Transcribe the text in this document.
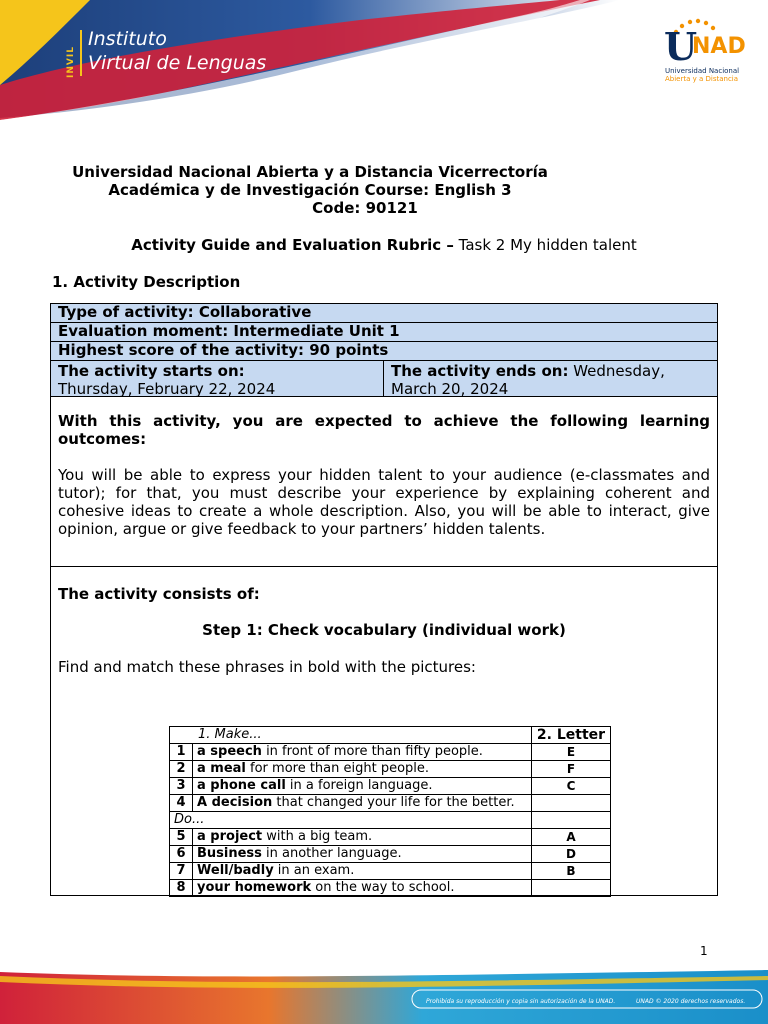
INVIL
Instituto
Virtual de Lenguas	U
NAD
Universidad Nacional
Abierta y a Distancia
Universidad Nacional Abierta y a Distancia Vicerrectoría
Académica y de Investigación Course: English 3
Code: 90121
Activity Guide and Evaluation Rubric – Task 2 My hidden talent
1. Activity Description
Type of activity: Collaborative
Evaluation moment: Intermediate Unit 1
Highest score of the activity: 90 points
The activity starts on:
Thursday, February 22, 2024
The activity ends on: Wednesday,
March 20, 2024

With this activity, you are expected to achieve the following learning outcomes:

You will be able to express your hidden talent to your audience (e-classmates and tutor); for that, you must describe your experience by explaining coherent and cohesive ideas to create a whole description. Also, you will be able to interact, give opinion, argue or give feedback to your partners’ hidden talents.

The activity consists of:
Step 1: Check vocabulary (individual work)
Find and match these phrases in bold with the pictures:
1. Make...		2. Letter
1	a speech in front of more than fifty people.	E
2	a meal for more than eight people.	F
3	a phone call in a foreign language.	C
4	A decision that changed your life for the better.	
Do...		
5	a project with a big team.	A
6	Business in another language.	D
7	Well/badly in an exam.	B
8	your homework on the way to school.	
1
Prohibida su reproducción y copia sin autorización de la UNAD.	UNAD © 2020 derechos reservados.
